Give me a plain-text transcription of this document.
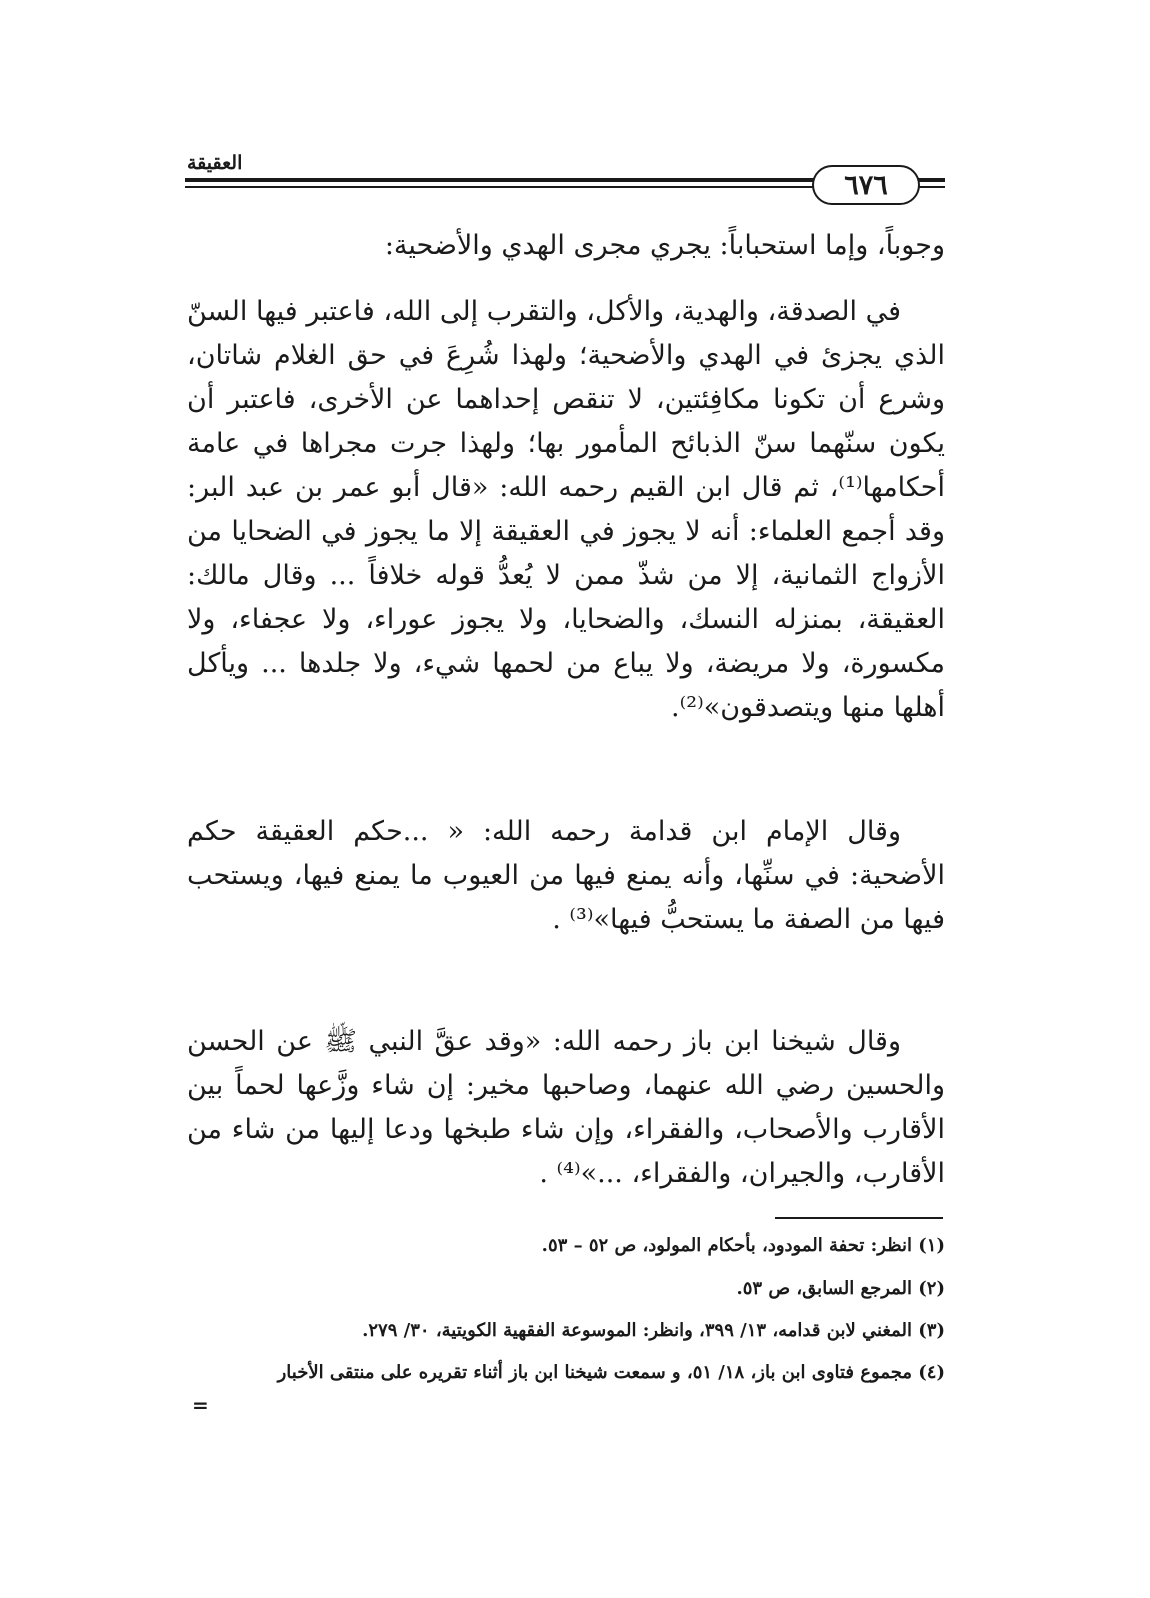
العقيقة
٦٧٦

وجوباً، وإما استحباباً: يجري مجرى الهدي والأضحية:

في الصدقة، والهدية، والأكل، والتقرب إلى الله، فاعتبر فيها السنّ الذي يجزئ في الهدي والأضحية؛ ولهذا شُرِعَ في حق الغلام شاتان، وشرع أن تكونا مكافِئتين، لا تنقص إحداهما عن الأخرى، فاعتبر أن يكون سنّهما سنّ الذبائح المأمور بها؛ ولهذا جرت مجراها في عامة أحكامها⁽¹⁾، ثم قال ابن القيم رحمه الله: «قال أبو عمر بن عبد البر: وقد أجمع العلماء: أنه لا يجوز في العقيقة إلا ما يجوز في الضحايا من الأزواج الثمانية، إلا من شذّ ممن لا يُعدُّ قوله خلافاً ... وقال مالك: العقيقة، بمنزله النسك، والضحايا، ولا يجوز عوراء، ولا عجفاء، ولا مكسورة، ولا مريضة، ولا يباع من لحمها شيء، ولا جلدها ... ويأكل أهلها منها ويتصدقون»⁽²⁾.

وقال الإمام ابن قدامة رحمه الله: « ...حكم العقيقة حكم الأضحية: في سنِّها، وأنه يمنع فيها من العيوب ما يمنع فيها، ويستحب فيها من الصفة ما يستحبُّ فيها»⁽³⁾ .

وقال شيخنا ابن باز رحمه الله: «وقد عقَّ النبي ﷺ عن الحسن والحسين رضي الله عنهما، وصاحبها مخير: إن شاء وزَّعها لحماً بين الأقارب والأصحاب، والفقراء، وإن شاء طبخها ودعا إليها من شاء من الأقارب، والجيران، والفقراء، ...»⁽⁴⁾ .

(١) انظر: تحفة المودود، بأحكام المولود، ص ٥٢ – ٥٣.
(٢) المرجع السابق، ص ٥٣.
(٣) المغني لابن قدامه، ١٣/ ٣٩٩، وانظر: الموسوعة الفقهية الكويتية، ٣٠/ ٢٧٩.
(٤) مجموع فتاوى ابن باز، ١٨/ ٥١، و سمعت شيخنا ابن باز أثناء تقريره على منتقى الأخبار
=
